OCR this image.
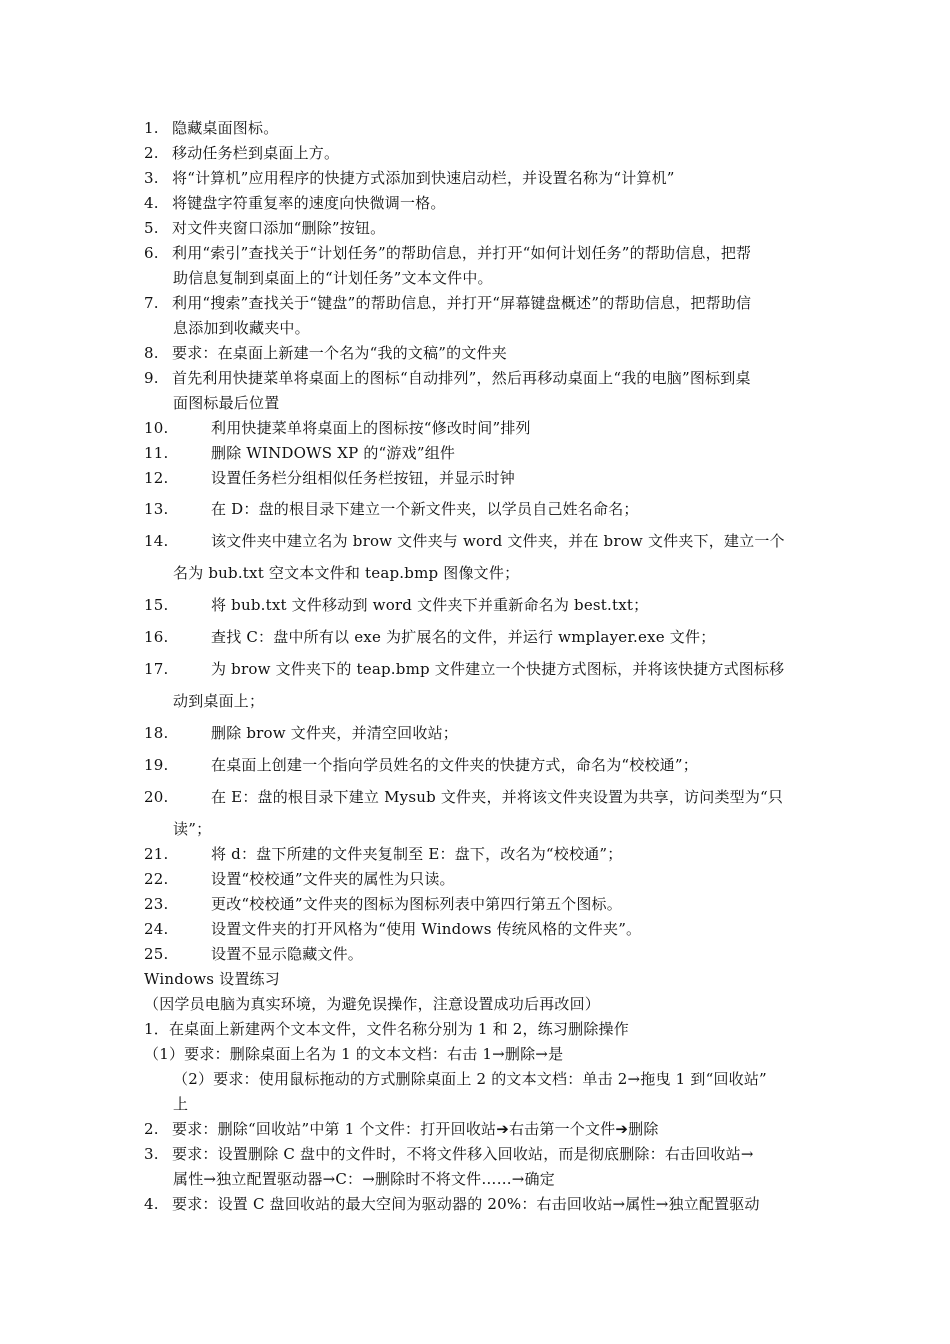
1. 隐藏桌面图标。
2. 移动任务栏到桌面上方。
3. 将“计算机”应用程序的快捷方式添加到快速启动栏，并设置名称为“计算机”
4. 将键盘字符重复率的速度向快微调一格。
5. 对文件夹窗口添加“删除”按钮。
6. 利用“索引”查找关于“计划任务”的帮助信息，并打开“如何计划任务”的帮助信息，把帮
助信息复制到桌面上的“计划任务”文本文件中。
7. 利用“搜索”查找关于“键盘”的帮助信息，并打开“屏幕键盘概述”的帮助信息，把帮助信
息添加到收藏夹中。
8. 要求：在桌面上新建一个名为“我的文稿”的文件夹
9. 首先利用快捷菜单将桌面上的图标“自动排列”，然后再移动桌面上“我的电脑”图标到桌
面图标最后位置
10.	利用快捷菜单将桌面上的图标按“修改时间”排列
11.	删除 WINDOWS XP 的“游戏”组件
12.	设置任务栏分组相似任务栏按钮，并显示时钟
13.	在 D：盘的根目录下建立一个新文件夹，以学员自己姓名命名；
14.	该文件夹中建立名为 brow 文件夹与 word 文件夹，并在 brow 文件夹下，建立一个
名为 bub.txt 空文本文件和 teap.bmp 图像文件；
15.	将 bub.txt 文件移动到 word 文件夹下并重新命名为 best.txt；
16.	查找 C：盘中所有以 exe 为扩展名的文件，并运行 wmplayer.exe 文件；
17.	为 brow 文件夹下的 teap.bmp 文件建立一个快捷方式图标，并将该快捷方式图标移
动到桌面上；
18.	删除 brow 文件夹，并清空回收站；
19.	在桌面上创建一个指向学员姓名的文件夹的快捷方式，命名为“校校通”；
20.	在 E：盘的根目录下建立 Mysub 文件夹，并将该文件夹设置为共享，访问类型为“只
读”；
21.	将 d：盘下所建的文件夹复制至 E：盘下，改名为“校校通”；
22.	设置“校校通”文件夹的属性为只读。
23.	更改“校校通”文件夹的图标为图标列表中第四行第五个图标。
24.	设置文件夹的打开风格为“使用 Windows 传统风格的文件夹”。
25.	设置不显示隐藏文件。
Windows 设置练习
（因学员电脑为真实环境，为避免误操作，注意设置成功后再改回）
1．在桌面上新建两个文本文件，文件名称分别为 1 和 2，练习删除操作
（1）要求：删除桌面上名为 1 的文本文档：右击 1→删除→是
（2）要求：使用鼠标拖动的方式删除桌面上 2 的文本文档：单击 2→拖曳 1 到“回收站”
上
2. 要求：删除“回收站”中第 1 个文件：打开回收站➔右击第一个文件➔删除
3. 要求：设置删除 C 盘中的文件时，不将文件移入回收站，而是彻底删除：右击回收站→
属性→独立配置驱动器→C：→删除时不将文件……→确定
4. 要求：设置 C 盘回收站的最大空间为驱动器的 20%：右击回收站→属性→独立配置驱动
